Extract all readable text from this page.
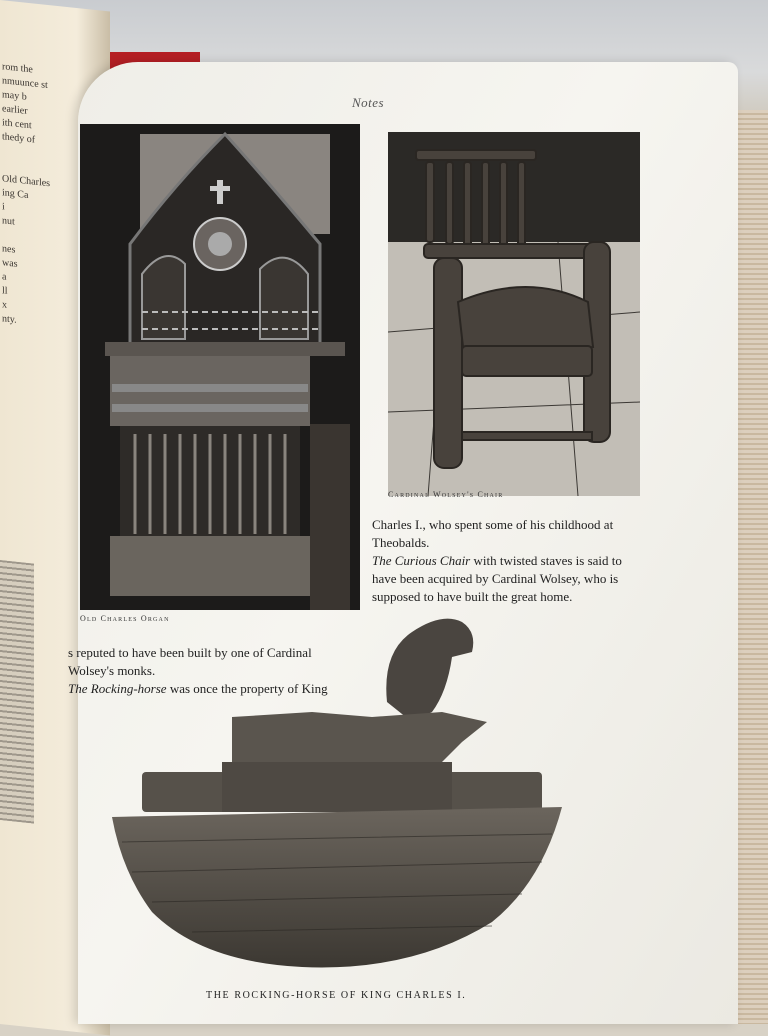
rom the
nmuunce st
may b
earlier
ith cent
thedy of

Old Charles
ing Ca
i
nut

nes
was
a
ll
x
nty.
Notes
Old Charles Organ
Cardinal Wolsey's Chair
Charles I., who spent some of his childhood at
Theobalds.
The Curious Chair with twisted staves is said to
have been acquired by Cardinal Wolsey, who is
supposed to have built the great home.
s reputed to have been built by one of Cardinal
Wolsey's monks.
The Rocking-horse was once the property of King
THE ROCKING-HORSE OF KING CHARLES I.
